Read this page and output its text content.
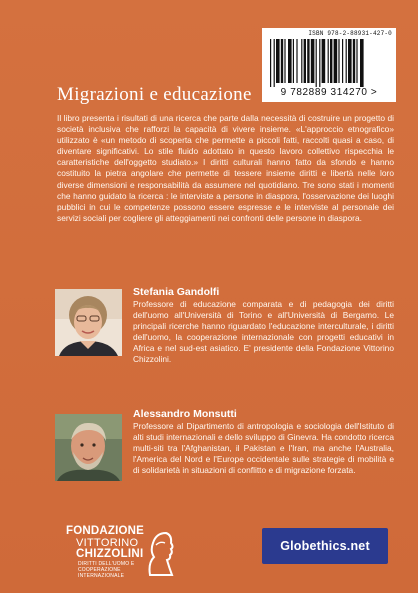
ISBN 978-2-88931-427-0
9 782889 314270 >
Migrazioni e educazione
Il libro presenta i risultati di una ricerca che parte dalla necessità di costruire un progetto di società inclusiva che rafforzi la capacità di vivere insieme. «L'approccio etnografico» utilizzato è «un metodo di scoperta che permette a piccoli fatti, raccolti quasi a caso, di diventare significativi. Lo stile fluido adottato in questo lavoro collettivo rispecchia le caratteristiche dell'oggetto studiato.» I diritti culturali hanno fatto da sfondo e hanno costituito la pietra angolare che permette di tessere insieme diritti e libertà nelle loro diverse dimensioni e responsabilità da assumere nel quotidiano. Tre sono stati i momenti che hanno guidato la ricerca : le interviste a persone in diaspora, l'osservazione dei luoghi pubblici in cui le competenze possono essere espresse e le interviste al personale dei servizi sociali per cogliere gli atteggiamenti nei confronti delle persone in diaspora.
Stefania Gandolfi
Professore di educazione comparata e di pedagogia dei diritti dell'uomo all'Università di Torino e all'Università di Bergamo. Le principali ricerche hanno riguardato l'educazione interculturale, i diritti dell'uomo, la cooperazione internazionale con progetti educativi in Africa e nel sud-est asiatico. E' presidente della Fondazione Vittorino Chizzolini.
Alessandro Monsutti
Professore al Dipartimento di antropologia e sociologia dell'Istituto di alti studi internazionali e dello sviluppo di Ginevra. Ha condotto ricerca multi-siti tra l'Afghanistan, il Pakistan e l'Iran, ma anche l'Australia, l'America del Nord e l'Europe occidentale sulle strategie di mobilità e di solidarietà in situazioni di conflitto e di migrazione forzata.
FONDAZIONE
VITTORINO
CHIZZOLINI
DIRITTI DELL'UOMO E COOPERAZIONE INTERNAZIONALE
Globethics.net
